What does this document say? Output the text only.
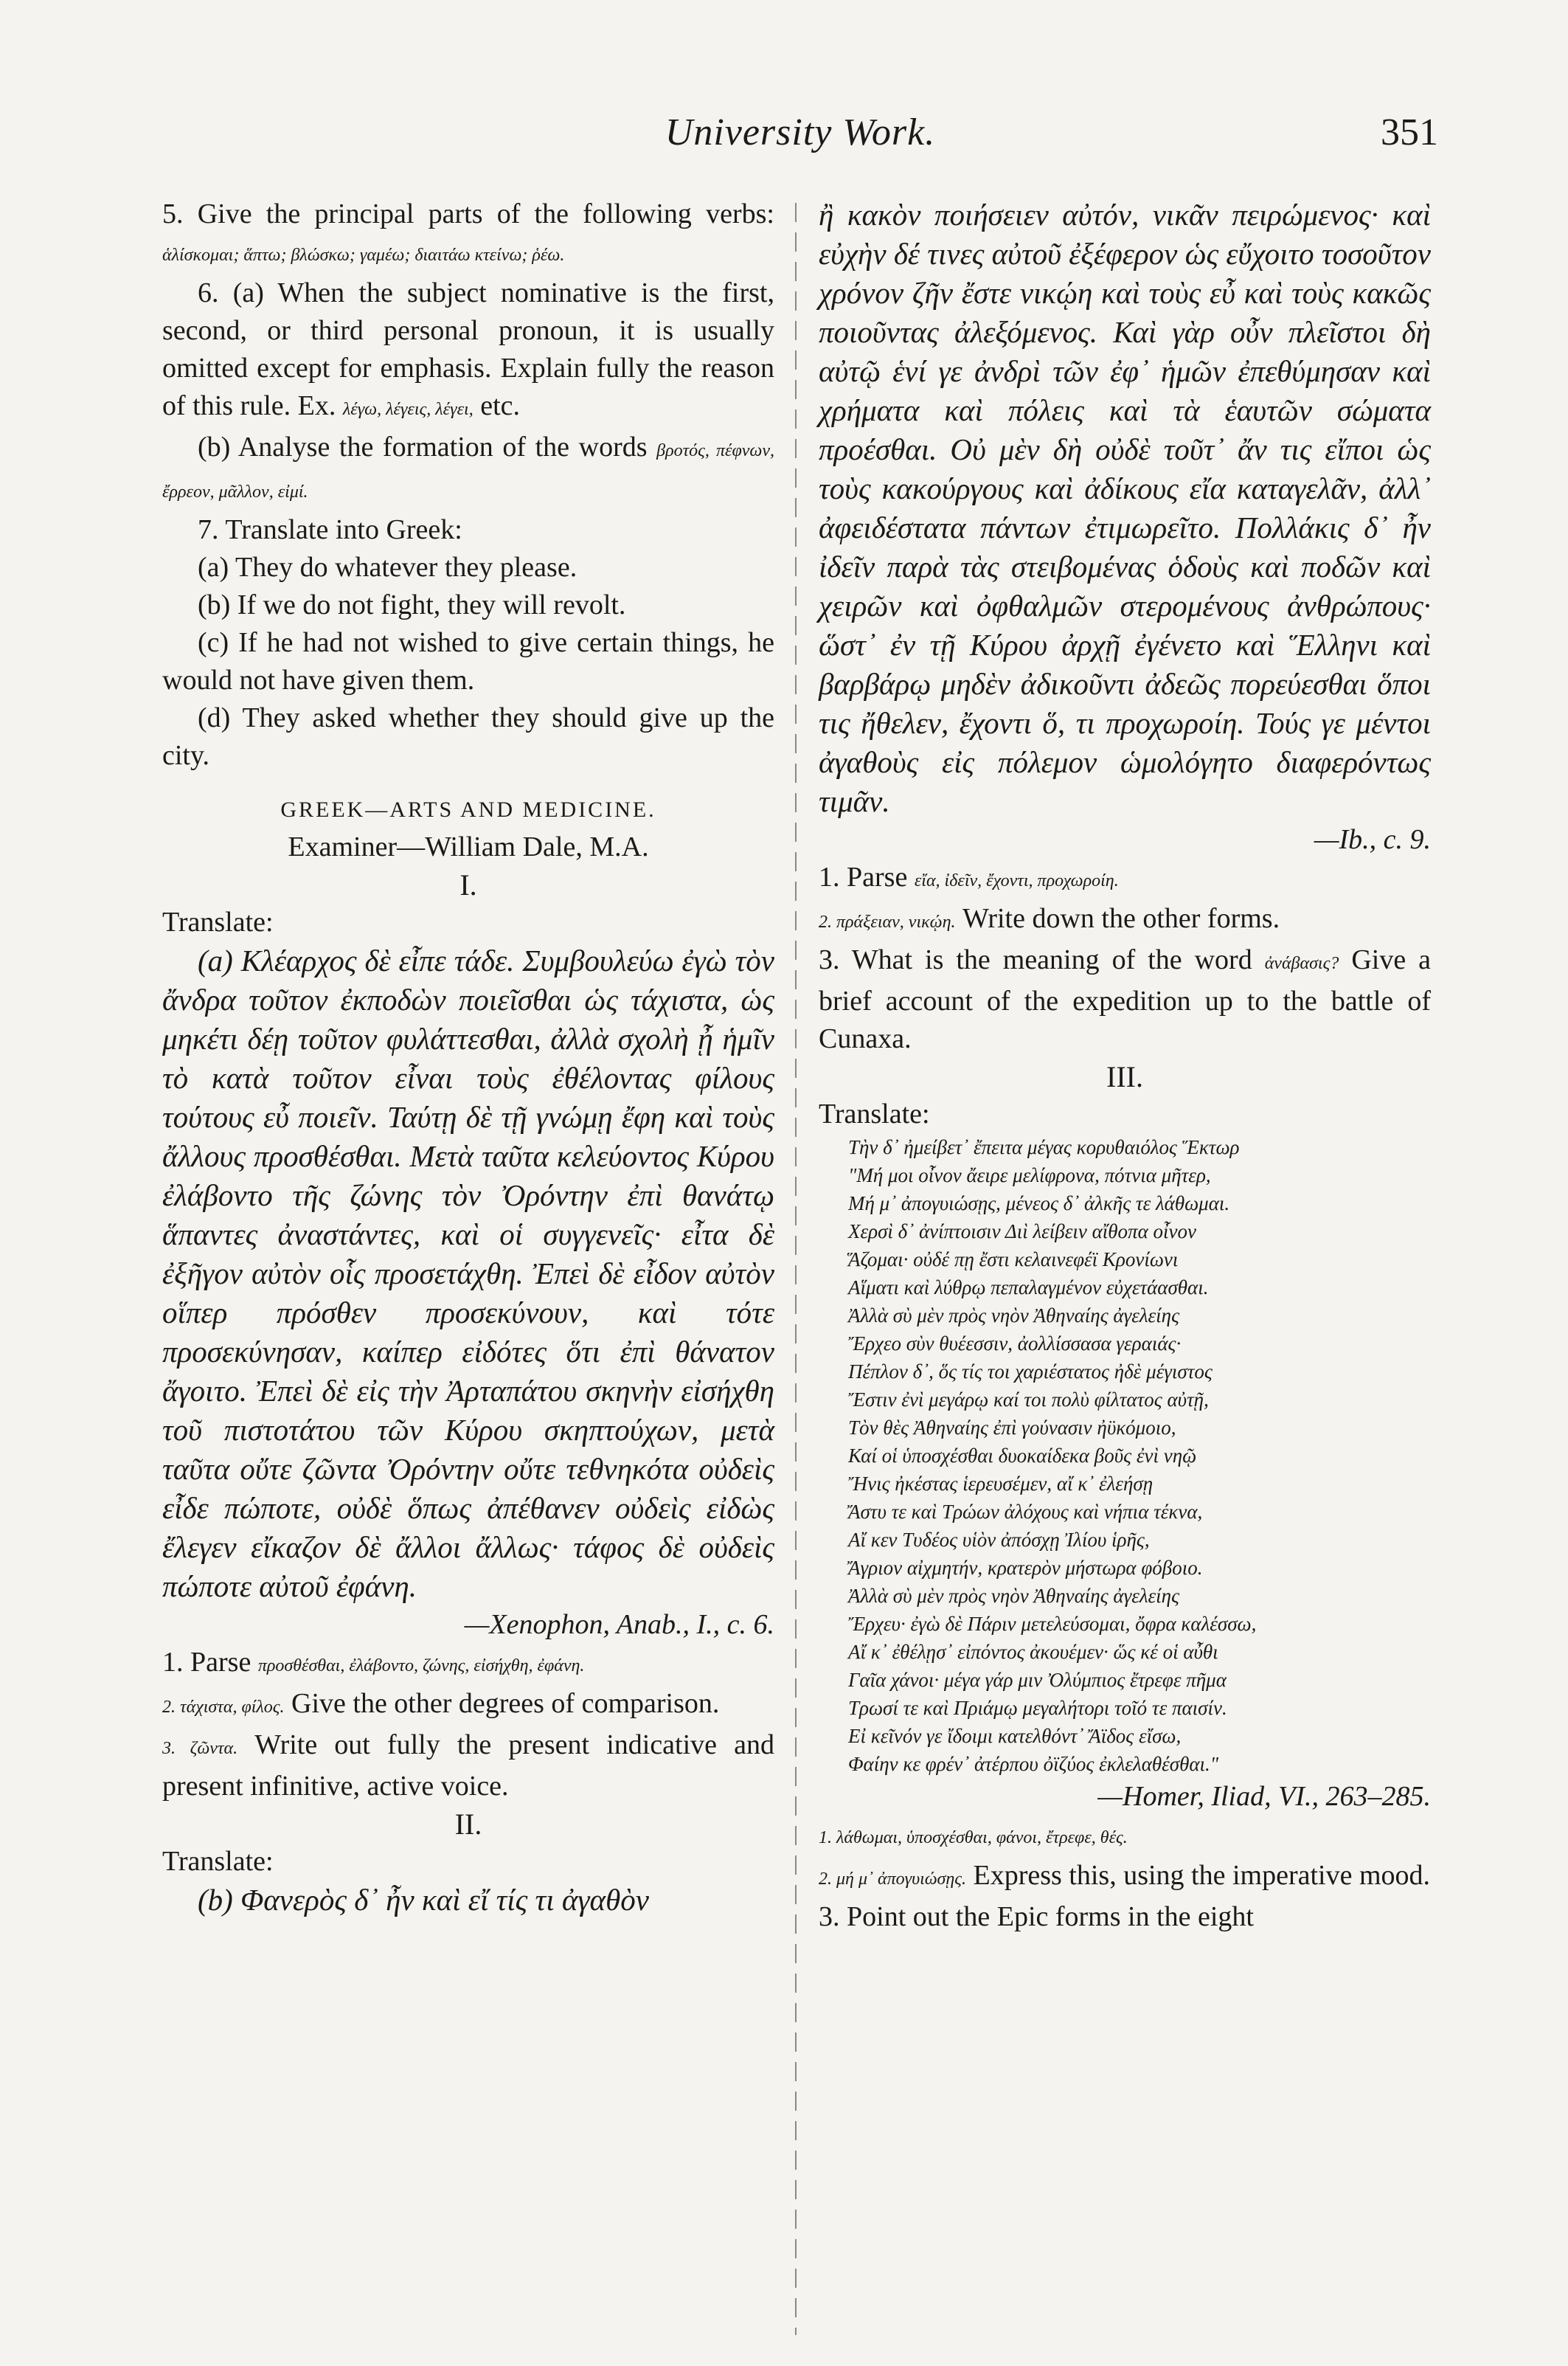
University Work.	351

5. Give the principal parts of the following verbs: ἁλίσκομαι; ἅπτω; βλώσκω; γαμέω; διαιτάω κτείνω; ῥέω.

6. (a) When the subject nominative is the first, second, or third personal pronoun, it is usually omitted except for emphasis. Explain fully the reason of this rule. Ex. λέγω, λέγεις, λέγει, etc.

(b) Analyse the formation of the words βροτός, πέφνων, ἔρρεον, μᾶλλον, εἰμί.

7. Translate into Greek:

(a) They do whatever they please.

(b) If we do not fight, they will revolt.

(c) If he had not wished to give certain things, he would not have given them.

(d) They asked whether they should give up the city.

GREEK—ARTS AND MEDICINE.

Examiner—William Dale, M.A.

I.

Translate:

(a) Κλέαρχος δὲ εἶπε τάδε. Συμβουλεύω ἐγὼ τὸν ἄνδρα τοῦτον ἐκποδὼν ποιεῖσθαι ὡς τάχιστα, ὡς μηκέτι δέῃ τοῦτον φυλάττεσθαι, ἀλλὰ σχολὴ ᾖ ἡμῖν τὸ κατὰ τοῦτον εἶναι τοὺς ἐθέλοντας φίλους τούτους εὖ ποιεῖν. Ταύτῃ δὲ τῇ γνώμῃ ἔφη καὶ τοὺς ἄλλους προσθέσθαι. Μετὰ ταῦτα κελεύοντος Κύρου ἐλάβοντο τῆς ζώνης τὸν Ὀρόντην ἐπὶ θανάτῳ ἅπαντες ἀναστάντες, καὶ οἱ συγγενεῖς· εἶτα δὲ ἐξῆγον αὐτὸν οἷς προσετάχθη. Ἐπεὶ δὲ εἶδον αὐτὸν οἵπερ πρόσθεν προσεκύνουν, καὶ τότε προσεκύνησαν, καίπερ εἰδότες ὅτι ἐπὶ θάνατον ἄγοιτο. Ἐπεὶ δὲ εἰς τὴν Ἀρταπάτου σκηνὴν εἰσήχθη τοῦ πιστοτάτου τῶν Κύρου σκηπτούχων, μετὰ ταῦτα οὔτε ζῶντα Ὀρόντην οὔτε τεθνηκότα οὐδεὶς εἶδε πώποτε, οὐδὲ ὅπως ἀπέθανεν οὐδεὶς εἰδὼς ἔλεγεν εἴκαζον δὲ ἄλλοι ἄλλως· τάφος δὲ οὐδεὶς πώποτε αὐτοῦ ἐφάνη.

—Xenophon, Anab., I., c. 6.

1. Parse προσθέσθαι, ἐλάβοντο, ζώνης, εἰσήχθη, ἐφάνη.

2. τάχιστα, φίλος. Give the other degrees of comparison.

3. ζῶντα. Write out fully the present indicative and present infinitive, active voice.

II.

Translate:

(b) Φανερὸς δ᾽ ἦν καὶ εἴ τίς τι ἀγαθὸν

ἢ κακὸν ποιήσειεν αὐτόν, νικᾶν πειρώμενος· καὶ εὐχὴν δέ τινες αὐτοῦ ἐξέφερον ὡς εὔχοιτο τοσοῦτον χρόνον ζῆν ἔστε νικῴη καὶ τοὺς εὖ καὶ τοὺς κακῶς ποιοῦντας ἀλεξόμενος. Καὶ γὰρ οὖν πλεῖστοι δὴ αὐτῷ ἑνί γε ἀνδρὶ τῶν ἐφ᾽ ἡμῶν ἐπεθύμησαν καὶ χρήματα καὶ πόλεις καὶ τὰ ἑαυτῶν σώματα προέσθαι. Οὐ μὲν δὴ οὐδὲ τοῦτ᾽ ἄν τις εἴποι ὡς τοὺς κακούργους καὶ ἀδίκους εἴα καταγελᾶν, ἀλλ᾽ ἀφειδέστατα πάντων ἐτιμωρεῖτο. Πολλάκις δ᾽ ἦν ἰδεῖν παρὰ τὰς στειβομένας ὁδοὺς καὶ ποδῶν καὶ χειρῶν καὶ ὀφθαλμῶν στερομένους ἀνθρώπους· ὥστ᾽ ἐν τῇ Κύρου ἀρχῇ ἐγένετο καὶ Ἕλληνι καὶ βαρβάρῳ μηδὲν ἀδικοῦντι ἀδεῶς πορεύεσθαι ὅποι τις ἤθελεν, ἔχοντι ὅ, τι προχωροίη. Τούς γε μέντοι ἀγαθοὺς εἰς πόλεμον ὡμολόγητο διαφερόντως τιμᾶν.

—Ib., c. 9.

1. Parse εἴα, ἰδεῖν, ἔχοντι, προχωροίη.

2. πράξειαν, νικῴη. Write down the other forms.

3. What is the meaning of the word ἀνάβασις? Give a brief account of the expedition up to the battle of Cunaxa.

III.

Translate:

Τὴν δ᾽ ἠμείβετ᾽ ἔπειτα μέγας κορυθαιόλος Ἕκτωρ

"Μή μοι οἶνον ἄειρε μελίφρονα, πότνια μῆτερ,

Μή μ᾽ ἀπογυιώσῃς, μένεος δ᾽ ἀλκῆς τε λάθωμαι.

Χερσὶ δ᾽ ἀνίπτοισιν Διὶ λείβειν αἴθοπα οἶνον

Ἅζομαι· οὐδέ πῃ ἔστι κελαινεφέϊ Κρονίωνι

Αἵματι καὶ λύθρῳ πεπαλαγμένον εὐχετάασθαι.

Ἀλλὰ σὺ μὲν πρὸς νηὸν Ἀθηναίης ἀγελείης

Ἔρχεο σὺν θυέεσσιν, ἀολλίσσασα γεραιάς·

Πέπλον δ᾽, ὅς τίς τοι χαριέστατος ἠδὲ μέγιστος

Ἔστιν ἐνὶ μεγάρῳ καί τοι πολὺ φίλτατος αὐτῇ,

Τὸν θὲς Ἀθηναίης ἐπὶ γούνασιν ἠϋκόμοιο,

Καί οἱ ὑποσχέσθαι δυοκαίδεκα βοῦς ἐνὶ νηῷ

Ἤνις ἠκέστας ἱερευσέμεν, αἴ κ᾽ ἐλεήσῃ

Ἄστυ τε καὶ Τρώων ἀλόχους καὶ νήπια τέκνα,

Αἴ κεν Τυδέος υἱὸν ἀπόσχῃ Ἰλίου ἱρῆς,

Ἄγριον αἰχμητήν, κρατερὸν μήστωρα φόβοιο.

Ἀλλὰ σὺ μὲν πρὸς νηὸν Ἀθηναίης ἀγελείης

Ἔρχευ· ἐγὼ δὲ Πάριν μετελεύσομαι, ὄφρα καλέσσω,

Αἴ κ᾽ ἐθέλῃσ᾽ εἰπόντος ἀκουέμεν· ὥς κέ οἱ αὖθι

Γαῖα χάνοι· μέγα γάρ μιν Ὀλύμπιος ἔτρεφε πῆμα

Τρωσί τε καὶ Πριάμῳ μεγαλήτορι τοῖό τε παισίν.

Εἰ κεῖνόν γε ἴδοιμι κατελθόντ᾽ Ἄϊδος εἴσω,

Φαίην κε φρέν᾽ ἀτέρπου ὀϊζύος ἐκλελαθέσθαι."

—Homer, Iliad, VI., 263–285.

1. λάθωμαι, ὑποσχέσθαι, φάνοι, ἔτρεφε, θές.

2. μή μ᾽ ἀπογυιώσῃς. Express this, using the imperative mood.

3. Point out the Epic forms in the eight
